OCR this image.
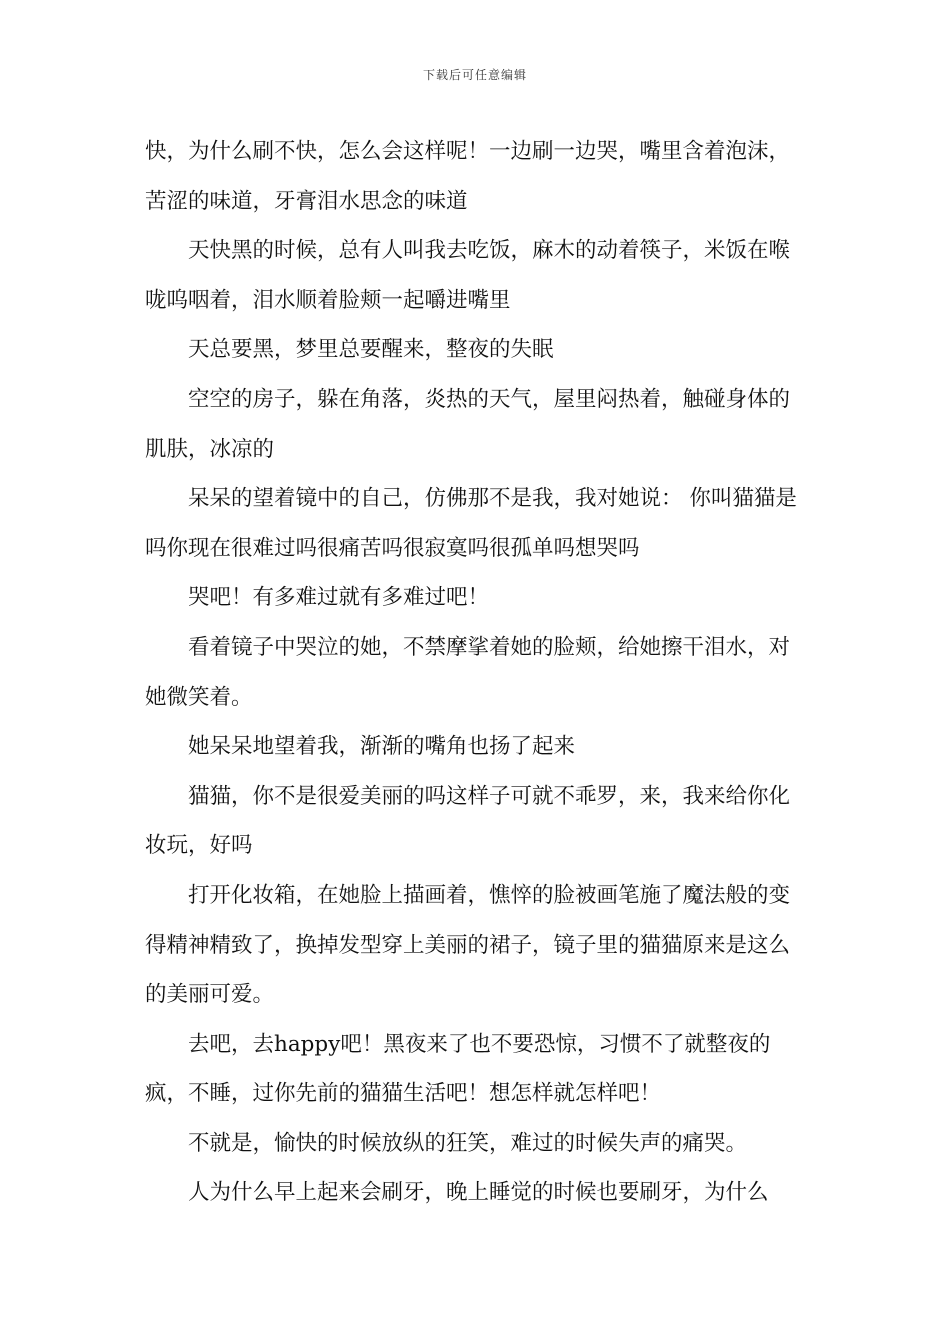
下载后可任意编辑

快，为什么刷不快，怎么会这样呢！一边刷一边哭，嘴里含着泡沫，苦涩的味道，牙膏泪水思念的味道

天快黑的时候，总有人叫我去吃饭，麻木的动着筷子，米饭在喉咙呜咽着，泪水顺着脸颊一起嚼进嘴里

天总要黑，梦里总要醒来，整夜的失眠

空空的房子，躲在角落，炎热的天气，屋里闷热着，触碰身体的肌肤，冰凉的

呆呆的望着镜中的自己，仿佛那不是我，我对她说： 你叫猫猫是吗你现在很难过吗很痛苦吗很寂寞吗很孤单吗想哭吗

哭吧！有多难过就有多难过吧！

看着镜子中哭泣的她，不禁摩挲着她的脸颊，给她擦干泪水，对她微笑着。

她呆呆地望着我，渐渐的嘴角也扬了起来

猫猫，你不是很爱美丽的吗这样子可就不乖罗，来，我来给你化妆玩，好吗

打开化妆箱，在她脸上描画着，憔悴的脸被画笔施了魔法般的变得精神精致了，换掉发型穿上美丽的裙子，镜子里的猫猫原来是这么的美丽可爱。

去吧，去happy吧！黑夜来了也不要恐惊，习惯不了就整夜的疯，不睡，过你先前的猫猫生活吧！想怎样就怎样吧！

不就是，愉快的时候放纵的狂笑，难过的时候失声的痛哭。

人为什么早上起来会刷牙，晚上睡觉的时候也要刷牙，为什么
